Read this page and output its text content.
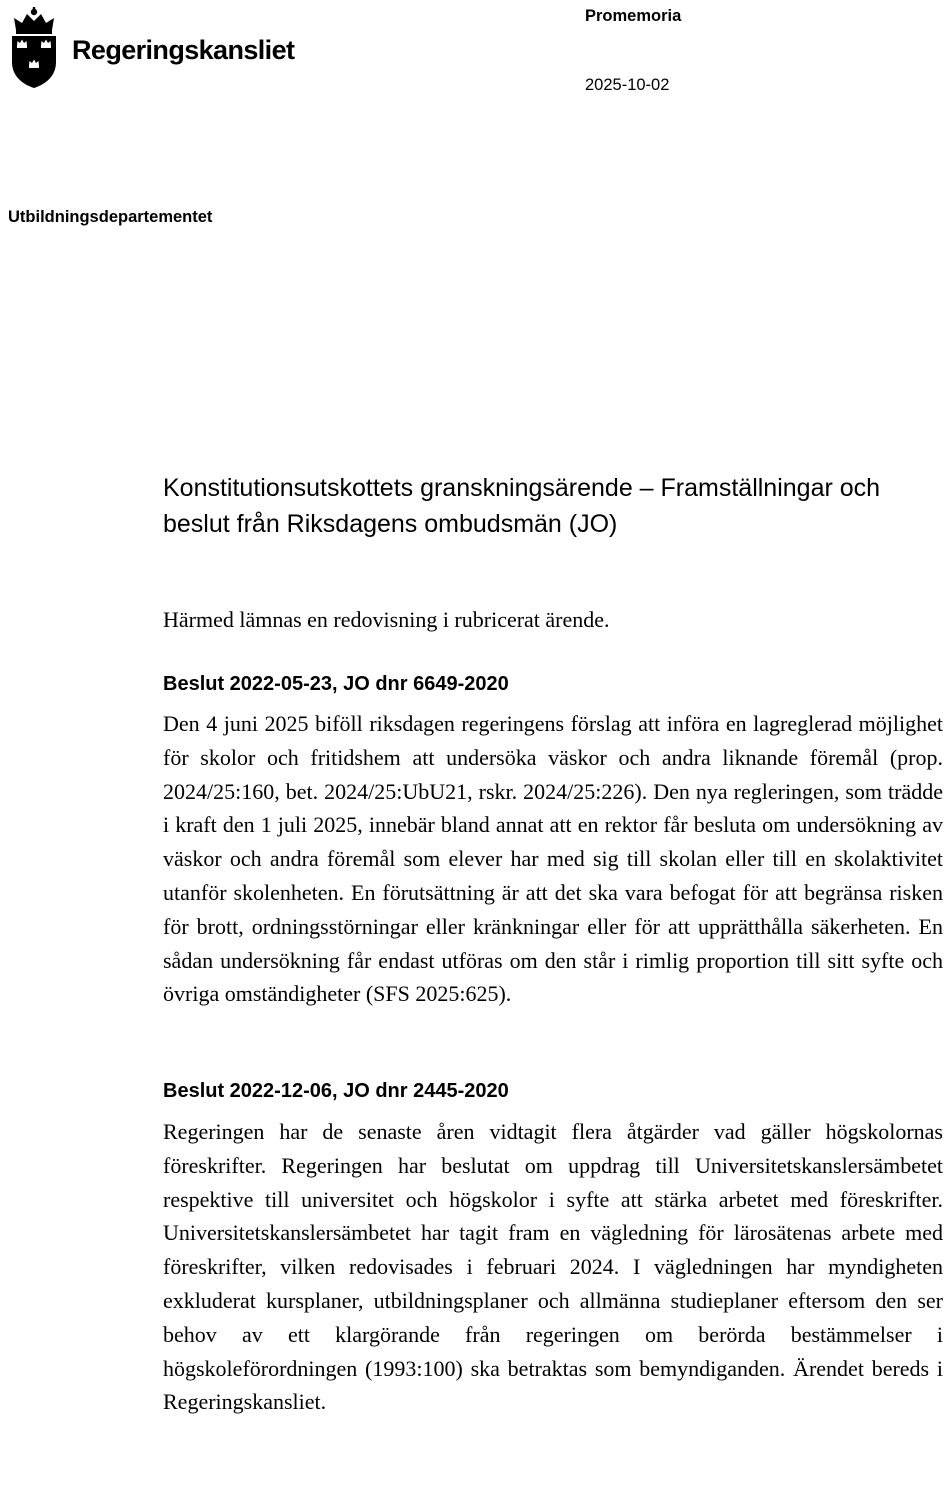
Regeringskansliet
Promemoria
2025-10-02
Utbildningsdepartementet
Konstitutionsutskottets granskningsärende – Framställningar och beslut från Riksdagens ombudsmän (JO)

Härmed lämnas en redovisning i rubricerat ärende.

Beslut 2022-05-23, JO dnr 6649-2020

Den 4 juni 2025 biföll riksdagen regeringens förslag att införa en lagreglerad möjlighet för skolor och fritidshem att undersöka väskor och andra liknande föremål (prop. 2024/25:160, bet. 2024/25:UbU21, rskr. 2024/25:226). Den nya regleringen, som trädde i kraft den 1 juli 2025, innebär bland annat att en rektor får besluta om undersökning av väskor och andra föremål som elever har med sig till skolan eller till en skolaktivitet utanför skolenheten. En förutsättning är att det ska vara befogat för att begränsa risken för brott, ordningsstörningar eller kränkningar eller för att upprätthålla säkerheten. En sådan undersökning får endast utföras om den står i rimlig proportion till sitt syfte och övriga omständigheter (SFS 2025:625).

Beslut 2022-12-06, JO dnr 2445-2020

Regeringen har de senaste åren vidtagit flera åtgärder vad gäller högskolornas föreskrifter. Regeringen har beslutat om uppdrag till Universitetskanslersämbetet respektive till universitet och högskolor i syfte att stärka arbetet med föreskrifter. Universitetskanslersämbetet har tagit fram en vägledning för lärosätenas arbete med föreskrifter, vilken redovisades i februari 2024. I vägledningen har myndigheten exkluderat kursplaner, utbildningsplaner och allmänna studieplaner eftersom den ser behov av ett klargörande från regeringen om berörda bestämmelser i högskoleförordningen (1993:100) ska betraktas som bemyndiganden. Ärendet bereds i Regeringskansliet.
